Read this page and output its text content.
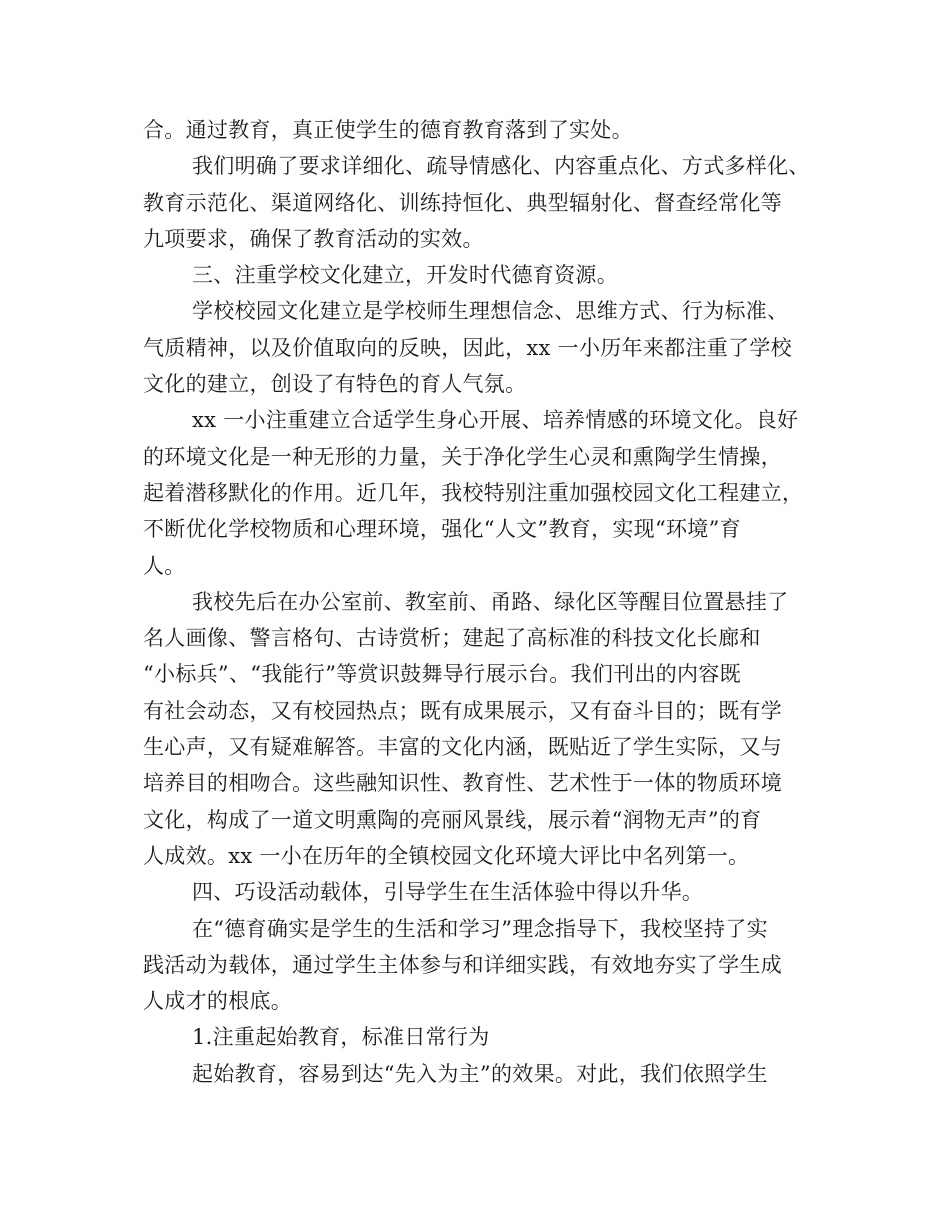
合。通过教育，真正使学生的德育教育落到了实处。
我们明确了要求详细化、疏导情感化、内容重点化、方式多样化、
教育示范化、渠道网络化、训练持恒化、典型辐射化、督查经常化等
九项要求，确保了教育活动的实效。
三、注重学校文化建立，开发时代德育资源。
学校校园文化建立是学校师生理想信念、思维方式、行为标准、
气质精神，以及价值取向的反映，因此，xx 一小历年来都注重了学校
文化的建立，创设了有特色的育人气氛。
xx 一小注重建立合适学生身心开展、培养情感的环境文化。良好
的环境文化是一种无形的力量，关于净化学生心灵和熏陶学生情操，
起着潜移默化的作用。近几年，我校特别注重加强校园文化工程建立，
不断优化学校物质和心理环境，强化“人文”教育，实现“环境”育
人。
我校先后在办公室前、教室前、甬路、绿化区等醒目位置悬挂了
名人画像、警言格句、古诗赏析；建起了高标准的科技文化长廊和
“小标兵”、“我能行”等赏识鼓舞导行展示台。我们刊出的内容既
有社会动态，又有校园热点；既有成果展示，又有奋斗目的；既有学
生心声，又有疑难解答。丰富的文化内涵，既贴近了学生实际，又与
培养目的相吻合。这些融知识性、教育性、艺术性于一体的物质环境
文化，构成了一道文明熏陶的亮丽风景线，展示着“润物无声”的育
人成效。xx 一小在历年的全镇校园文化环境大评比中名列第一。
四、巧设活动载体，引导学生在生活体验中得以升华。
在“德育确实是学生的生活和学习”理念指导下，我校坚持了实
践活动为载体，通过学生主体参与和详细实践，有效地夯实了学生成
人成才的根底。
1.注重起始教育，标准日常行为
起始教育，容易到达“先入为主”的效果。对此，我们依照学生
